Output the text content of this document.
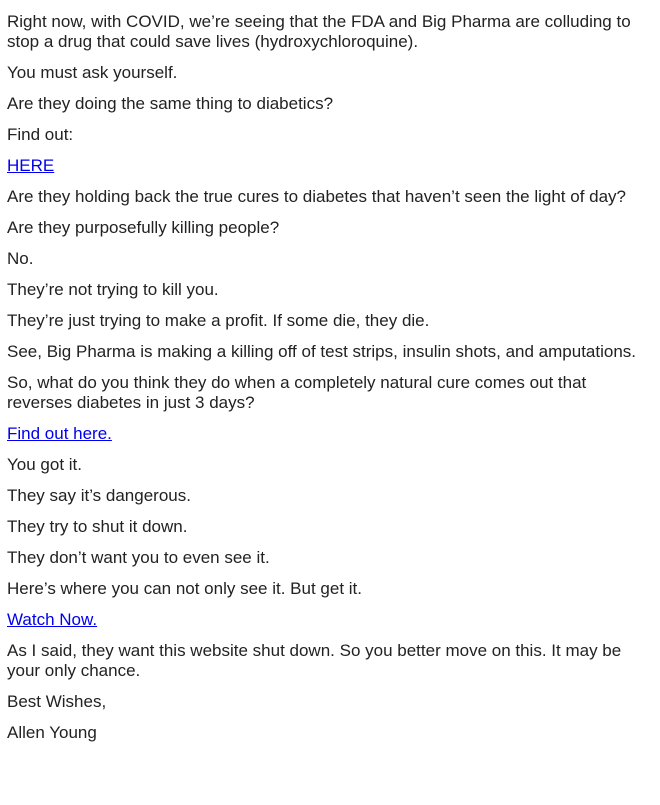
Right now, with COVID, we’re seeing that the FDA and Big Pharma are colluding to stop a drug that could save lives (hydroxychloroquine).

You must ask yourself.

Are they doing the same thing to diabetics?

Find out:

HERE

Are they holding back the true cures to diabetes that haven’t seen the light of day?

Are they purposefully killing people?

No.

They’re not trying to kill you.

They’re just trying to make a profit. If some die, they die.

See, Big Pharma is making a killing off of test strips, insulin shots, and amputations.

So, what do you think they do when a completely natural cure comes out that reverses diabetes in just 3 days?

Find out here.

You got it.

They say it’s dangerous.

They try to shut it down.

They don’t want you to even see it.

Here’s where you can not only see it. But get it.

Watch Now.

As I said, they want this website shut down. So you better move on this. It may be your only chance.

Best Wishes,

Allen Young
